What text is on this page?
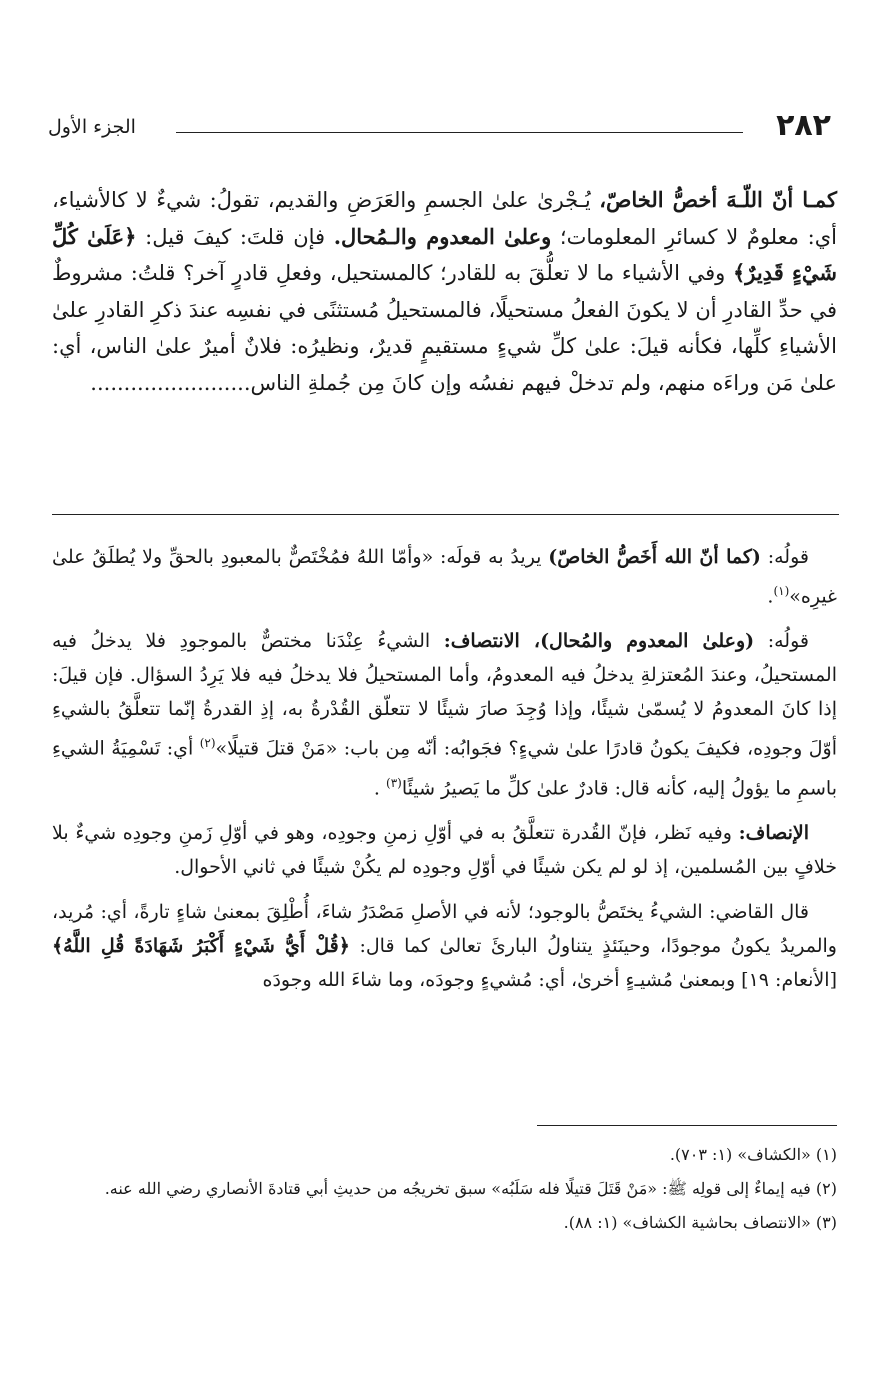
٢٨٢
الجزء الأول

كمـا أنّ اللّـهَ أخصُّ الخاصّ، يُـجْرىٰ علىٰ الجسمِ والعَرَضِ والقديم، تقولُ: شيءٌ لا كالأشياء، أي: معلومٌ لا كسائرِ المعلومات؛ وعلىٰ المعدوم والـمُحال. فإن قلتَ: كيفَ قيل: ﴿عَلَىٰ كُلِّ شَيْءٍ قَدِيرٌ﴾ وفي الأشياء ما لا تعلُّقَ به للقادر؛ كالمستحيل، وفعلِ قادرٍ آخر؟ قلتُ: مشروطٌ في حدِّ القادرِ أن لا يكونَ الفعلُ مستحيلًا، فالمستحيلُ مُستثنًى في نفسِه عندَ ذكرِ القادرِ علىٰ الأشياءِ كلِّها، فكأنه قيلَ: علىٰ كلِّ شيءٍ مستقيمٍ قديرٌ، ونظيرُه: فلانٌ أميرٌ علىٰ الناس، أي: علىٰ مَن وراءَه منهم، ولم تدخلْ فيهم نفسُه وإن كانَ مِن جُملةِ الناس........................

قولُه: (كما أنّ الله أَخَصُّ الخاصّ) يريدُ به قولَه: «وأمّا اللهُ فمُخْتَصٌّ بالمعبودِ بالحقِّ ولا يُطلَقُ علىٰ غيرِه»$^{(١)}$.

قولُه: (وعلىٰ المعدوم والمُحال)، الانتصاف: الشيءُ عِنْدَنا مختصٌّ بالموجودِ فلا يدخلُ فيه المستحيلُ، وعندَ المُعتزلةِ يدخلُ فيه المعدومُ، وأما المستحيلُ فلا يدخلُ فيه فلا يَرِدُ السؤال. فإن قيلَ: إذا كانَ المعدومُ لا يُسمّىٰ شيئًا، وإذا وُجِدَ صارَ شيئًا لا تتعلّق القُدْرةُ به، إذِ القدرةُ إنّما تتعلَّقُ بالشيءِ أوّلَ وجودِه، فكيفَ يكونُ قادرًا علىٰ شيءٍ؟ فجَوابُه: أنّه مِن باب: «مَنْ قتلَ قتيلًا»$^{(٢)}$ أي: تَسْمِيَةُ الشيءِ باسمِ ما يؤولُ إليه، كأنه قال: قادرٌ علىٰ كلِّ ما يَصيرُ شيئًا$^{(٣)}$ .

الإنصاف: وفيه نَظر، فإنّ القُدرة تتعلَّقُ به في أوّلِ زمنِ وجودِه، وهو في أوّلِ زَمنِ وجودِه شيءٌ بلا خلافٍ بين المُسلمين، إذ لو لم يكن شيئًا في أوّلِ وجودِه لم يكُنْ شيئًا في ثاني الأحوال.

قال القاضي: الشيءُ يختَصُّ بالوجود؛ لأنه في الأصلِ مَصْدَرُ شاءَ، أُطْلِقَ بمعنىٰ شاءٍ تارةً، أي: مُريد، والمريدُ يكونُ موجودًا، وحينَئذٍ يتناولُ البارئَ تعالىٰ كما قال: ﴿قُلْ أَيُّ شَيْءٍ أَكْبَرُ شَهَادَةً قُلِ اللَّهُ﴾ [الأنعام: ١٩] وبمعنىٰ مُشيـءٍ أخرىٰ، أي: مُشيءٍ وجودَه، وما شاءَ الله وجودَه

(١) «الكشاف» (١: ٧٠٣).

(٢) فيه إيماءٌ إلى قولِه ﷺ: «مَنْ قَتَلَ قتيلًا فله سَلَبُه» سبق تخريجُه من حديثِ أبي قتادةَ الأنصاري رضي الله عنه.

(٣) «الانتصاف بحاشية الكشاف» (١: ٨٨).
